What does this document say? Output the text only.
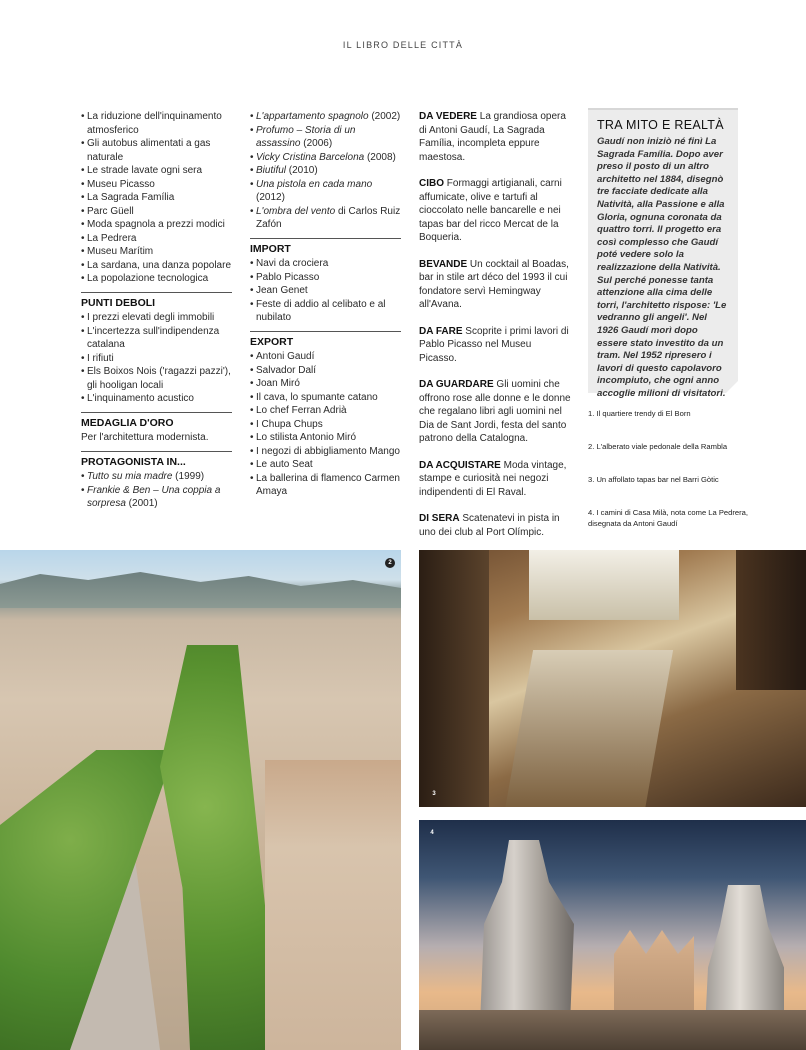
IL LIBRO DELLE CITTÀ
• La riduzione dell'inquinamento atmosferico
• Gli autobus alimentati a gas naturale
• Le strade lavate ogni sera
• Museu Picasso
• La Sagrada Família
• Parc Güell
• Moda spagnola a prezzi modici
• La Pedrera
• Museu Marítim
• La sardana, una danza popolare
• La popolazione tecnologica
PUNTI DEBOLI
• I prezzi elevati degli immobili
• L'incertezza sull'indipendenza catalana
• I rifiuti
• Els Boixos Nois ('ragazzi pazzi'), gli hooligan locali
• L'inquinamento acustico
MEDAGLIA D'ORO
Per l'architettura modernista.
PROTAGONISTA IN...
• Tutto su mia madre (1999)
• Frankie & Ben – Una coppia a sorpresa (2001)
• L'appartamento spagnolo (2002)
• Profumo – Storia di un assassino (2006)
• Vicky Cristina Barcelona (2008)
• Biutiful (2010)
• Una pistola en cada mano (2012)
• L'ombra del vento di Carlos Ruiz Zafón
IMPORT
• Navi da crociera
• Pablo Picasso
• Jean Genet
• Feste di addio al celibato e al nubilato
EXPORT
• Antoni Gaudí
• Salvador Dalí
• Joan Miró
• Il cava, lo spumante catano
• Lo chef Ferran Adrià
• I Chupa Chups
• Lo stilista Antonio Miró
• I negozi di abbigliamento Mango
• Le auto Seat
• La ballerina di flamenco Carmen Amaya

DA VEDERE La grandiosa opera di Antoni Gaudí, La Sagrada Família, incompleta eppure maestosa.

CIBO Formaggi artigianali, carni affumicate, olive e tartufi al cioccolato nelle bancarelle e nei tapas bar del ricco Mercat de la Boqueria.

BEVANDE Un cocktail al Boadas, bar in stile art déco del 1993 il cui fondatore servì Hemingway all'Avana.

DA FARE Scoprite i primi lavori di Pablo Picasso nel Museu Picasso.

DA GUARDARE Gli uomini che offrono rose alle donne e le donne che regalano libri agli uomini nel Dia de Sant Jordi, festa del santo patrono della Catalogna.

DA ACQUISTARE Moda vintage, stampe e curiosità nei negozi indipendenti di El Raval.

DI SERA Scatenatevi in pista in uno dei club al Port Olímpic.

TRA MITO E REALTÀ

Gaudí non iniziò né finì La Sagrada Família. Dopo aver preso il posto di un altro architetto nel 1884, disegnò tre facciate dedicate alla Natività, alla Passione e alla Gloria, ognuna coronata da quattro torri. Il progetto era così complesso che Gaudí poté vedere solo la realizzazione della Natività. Sul perché ponesse tanta attenzione alla cima delle torri, l'architetto rispose: 'Le vedranno gli angeli'. Nel 1926 Gaudí morì dopo essere stato investito da un tram. Nel 1952 ripresero i lavori di questo capolavoro incompiuto, che ogni anno accoglie milioni di visitatori.

1. Il quartiere trendy di El Born

2. L'alberato viale pedonale della Rambla

3. Un affollato tapas bar nel Barri Gòtic

4. I camini di Casa Milà, nota come La Pedrera, disegnata da Antoni Gaudí

2
3
4
